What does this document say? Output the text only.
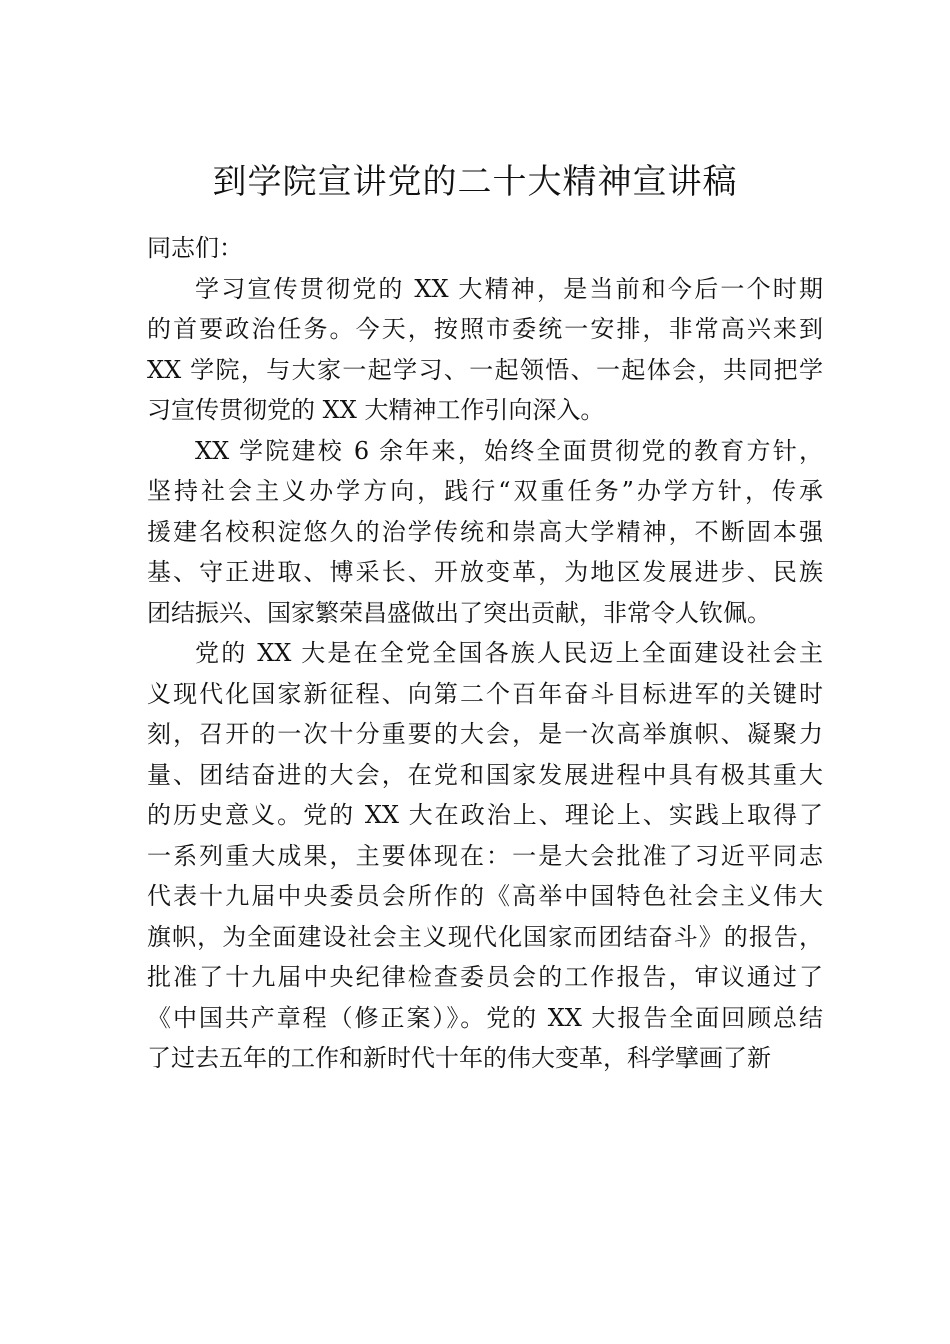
到学院宣讲党的二十大精神宣讲稿
同志们：
学习宣传贯彻党的 XX 大精神，是当前和今后一个时期
的首要政治任务。今天，按照市委统一安排，非常高兴来到
XX 学院，与大家一起学习、一起领悟、一起体会，共同把学
习宣传贯彻党的 XX 大精神工作引向深入。
XX 学院建校 6 余年来，始终全面贯彻党的教育方针，
坚持社会主义办学方向，践行“双重任务”办学方针，传承
援建名校积淀悠久的治学传统和崇高大学精神，不断固本强
基、守正进取、博采长、开放变革，为地区发展进步、民族
团结振兴、国家繁荣昌盛做出了突出贡献，非常令人钦佩。
党的 XX 大是在全党全国各族人民迈上全面建设社会主
义现代化国家新征程、向第二个百年奋斗目标进军的关键时
刻，召开的一次十分重要的大会，是一次高举旗帜、凝聚力
量、团结奋进的大会，在党和国家发展进程中具有极其重大
的历史意义。党的 XX 大在政治上、理论上、实践上取得了
一系列重大成果，主要体现在：一是大会批准了习近平同志
代表十九届中央委员会所作的《高举中国特色社会主义伟大
旗帜，为全面建设社会主义现代化国家而团结奋斗》的报告，
批准了十九届中央纪律检查委员会的工作报告，审议通过了
《中国共产章程（修正案）》。党的 XX 大报告全面回顾总结
了过去五年的工作和新时代十年的伟大变革，科学擘画了新
